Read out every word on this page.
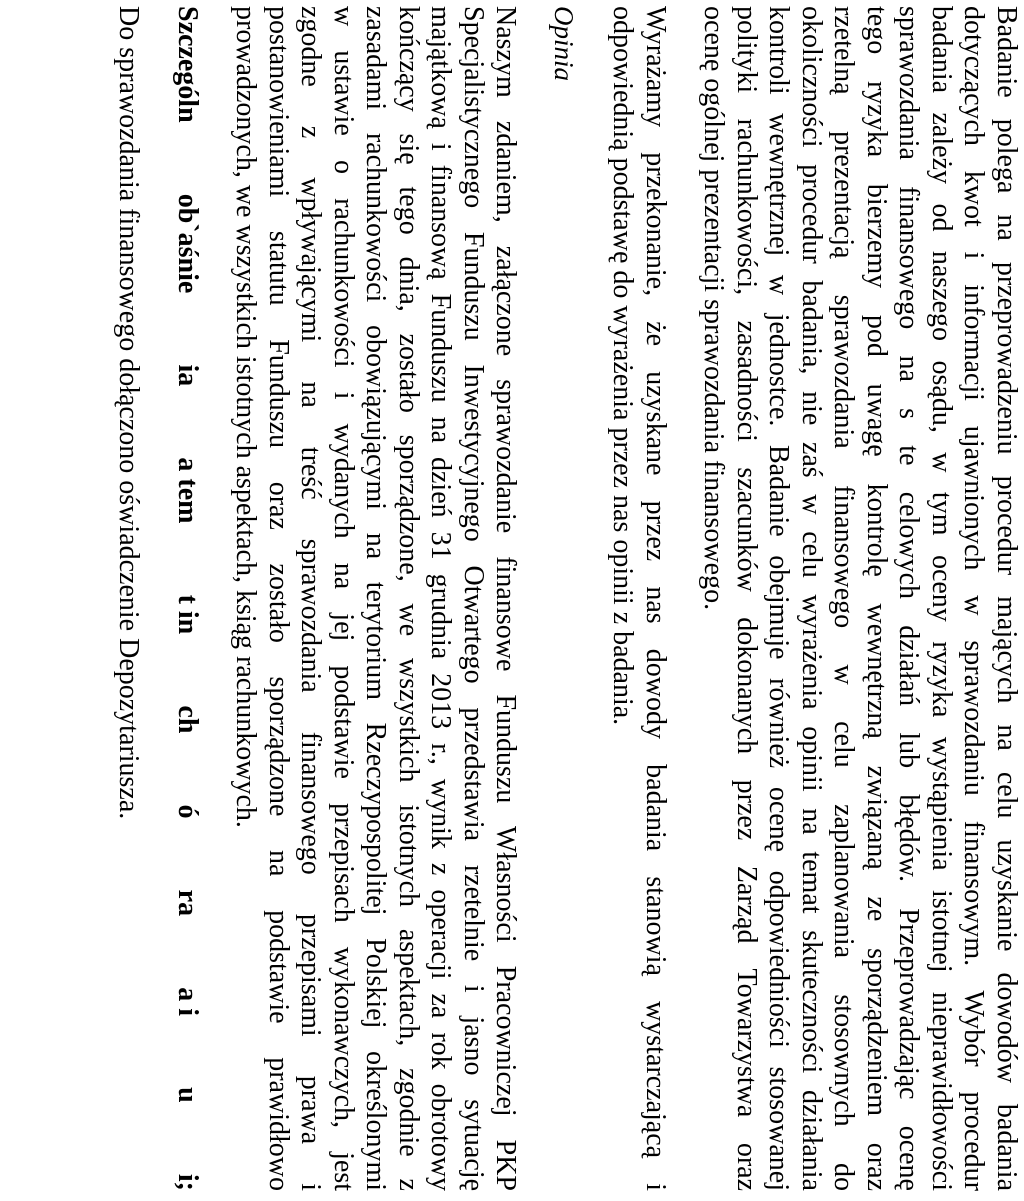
Badanie polega na przeprowadzeniu procedur mających na celu uzyskanie dowodów badania
dotyczących kwot i informacji ujawnionych w sprawozdaniu finansowym. Wybór procedur
badania zależy od naszego osądu, w tym oceny ryzyka wystąpienia istotnej nieprawidłowości
sprawozdania finansowego na s te celowych działań lub błędów. Przeprowadzając ocenę
tego ryzyka bierzemy pod uwagę kontrolę wewnętrzną związaną ze sporządzeniem oraz
rzetelną prezentacją sprawozdania finansowego w celu zaplanowania stosownych do
okoliczności procedur badania, nie zaś w celu wyrażenia opinii na temat skuteczności działania
kontroli wewnętrznej w jednostce. Badanie obejmuje również ocenę odpowiedniości stosowanej
polityki rachunkowości, zasadności szacunków dokonanych przez Zarząd Towarzystwa oraz
ocenę ogólnej prezentacji sprawozdania finansowego.
Wyrażamy przekonanie, że uzyskane przez nas dowody badania stanowią wystarczającą i
odpowiednią podstawę do wyrażenia przez nas opinii z badania.
Opinia
Naszym zdaniem, załączone sprawozdanie finansowe Funduszu Własności Pracowniczej PKP
Specjalistycznego Funduszu Inwestycyjnego Otwartego przedstawia rzetelnie i jasno sytuację
majątkową i finansową Funduszu na dzień 31 grudnia 2013 r., wynik z operacji za rok obrotowy
kończący się tego dnia, zostało sporządzone, we wszystkich istotnych aspektach, zgodnie z
zasadami rachunkowości obowiązującymi na terytorium Rzeczypospolitej Polskiej określonymi
w ustawie o rachunkowości i wydanych na jej podstawie przepisach wykonawczych, jest
zgodne z wpływającymi na treść sprawozdania finansowego przepisami prawa i
postanowieniami statutu Funduszu oraz zostało sporządzone na podstawie prawidłowo
prowadzonych, we wszystkich istotnych aspektach, ksiąg rachunkowych.
Szczególn
ob`aśnie
ia
a tem
t in
ch
ó
ra
a i
u
i;
Do sprawozdania finansowego dołączono oświadczenie Depozytariusza.
